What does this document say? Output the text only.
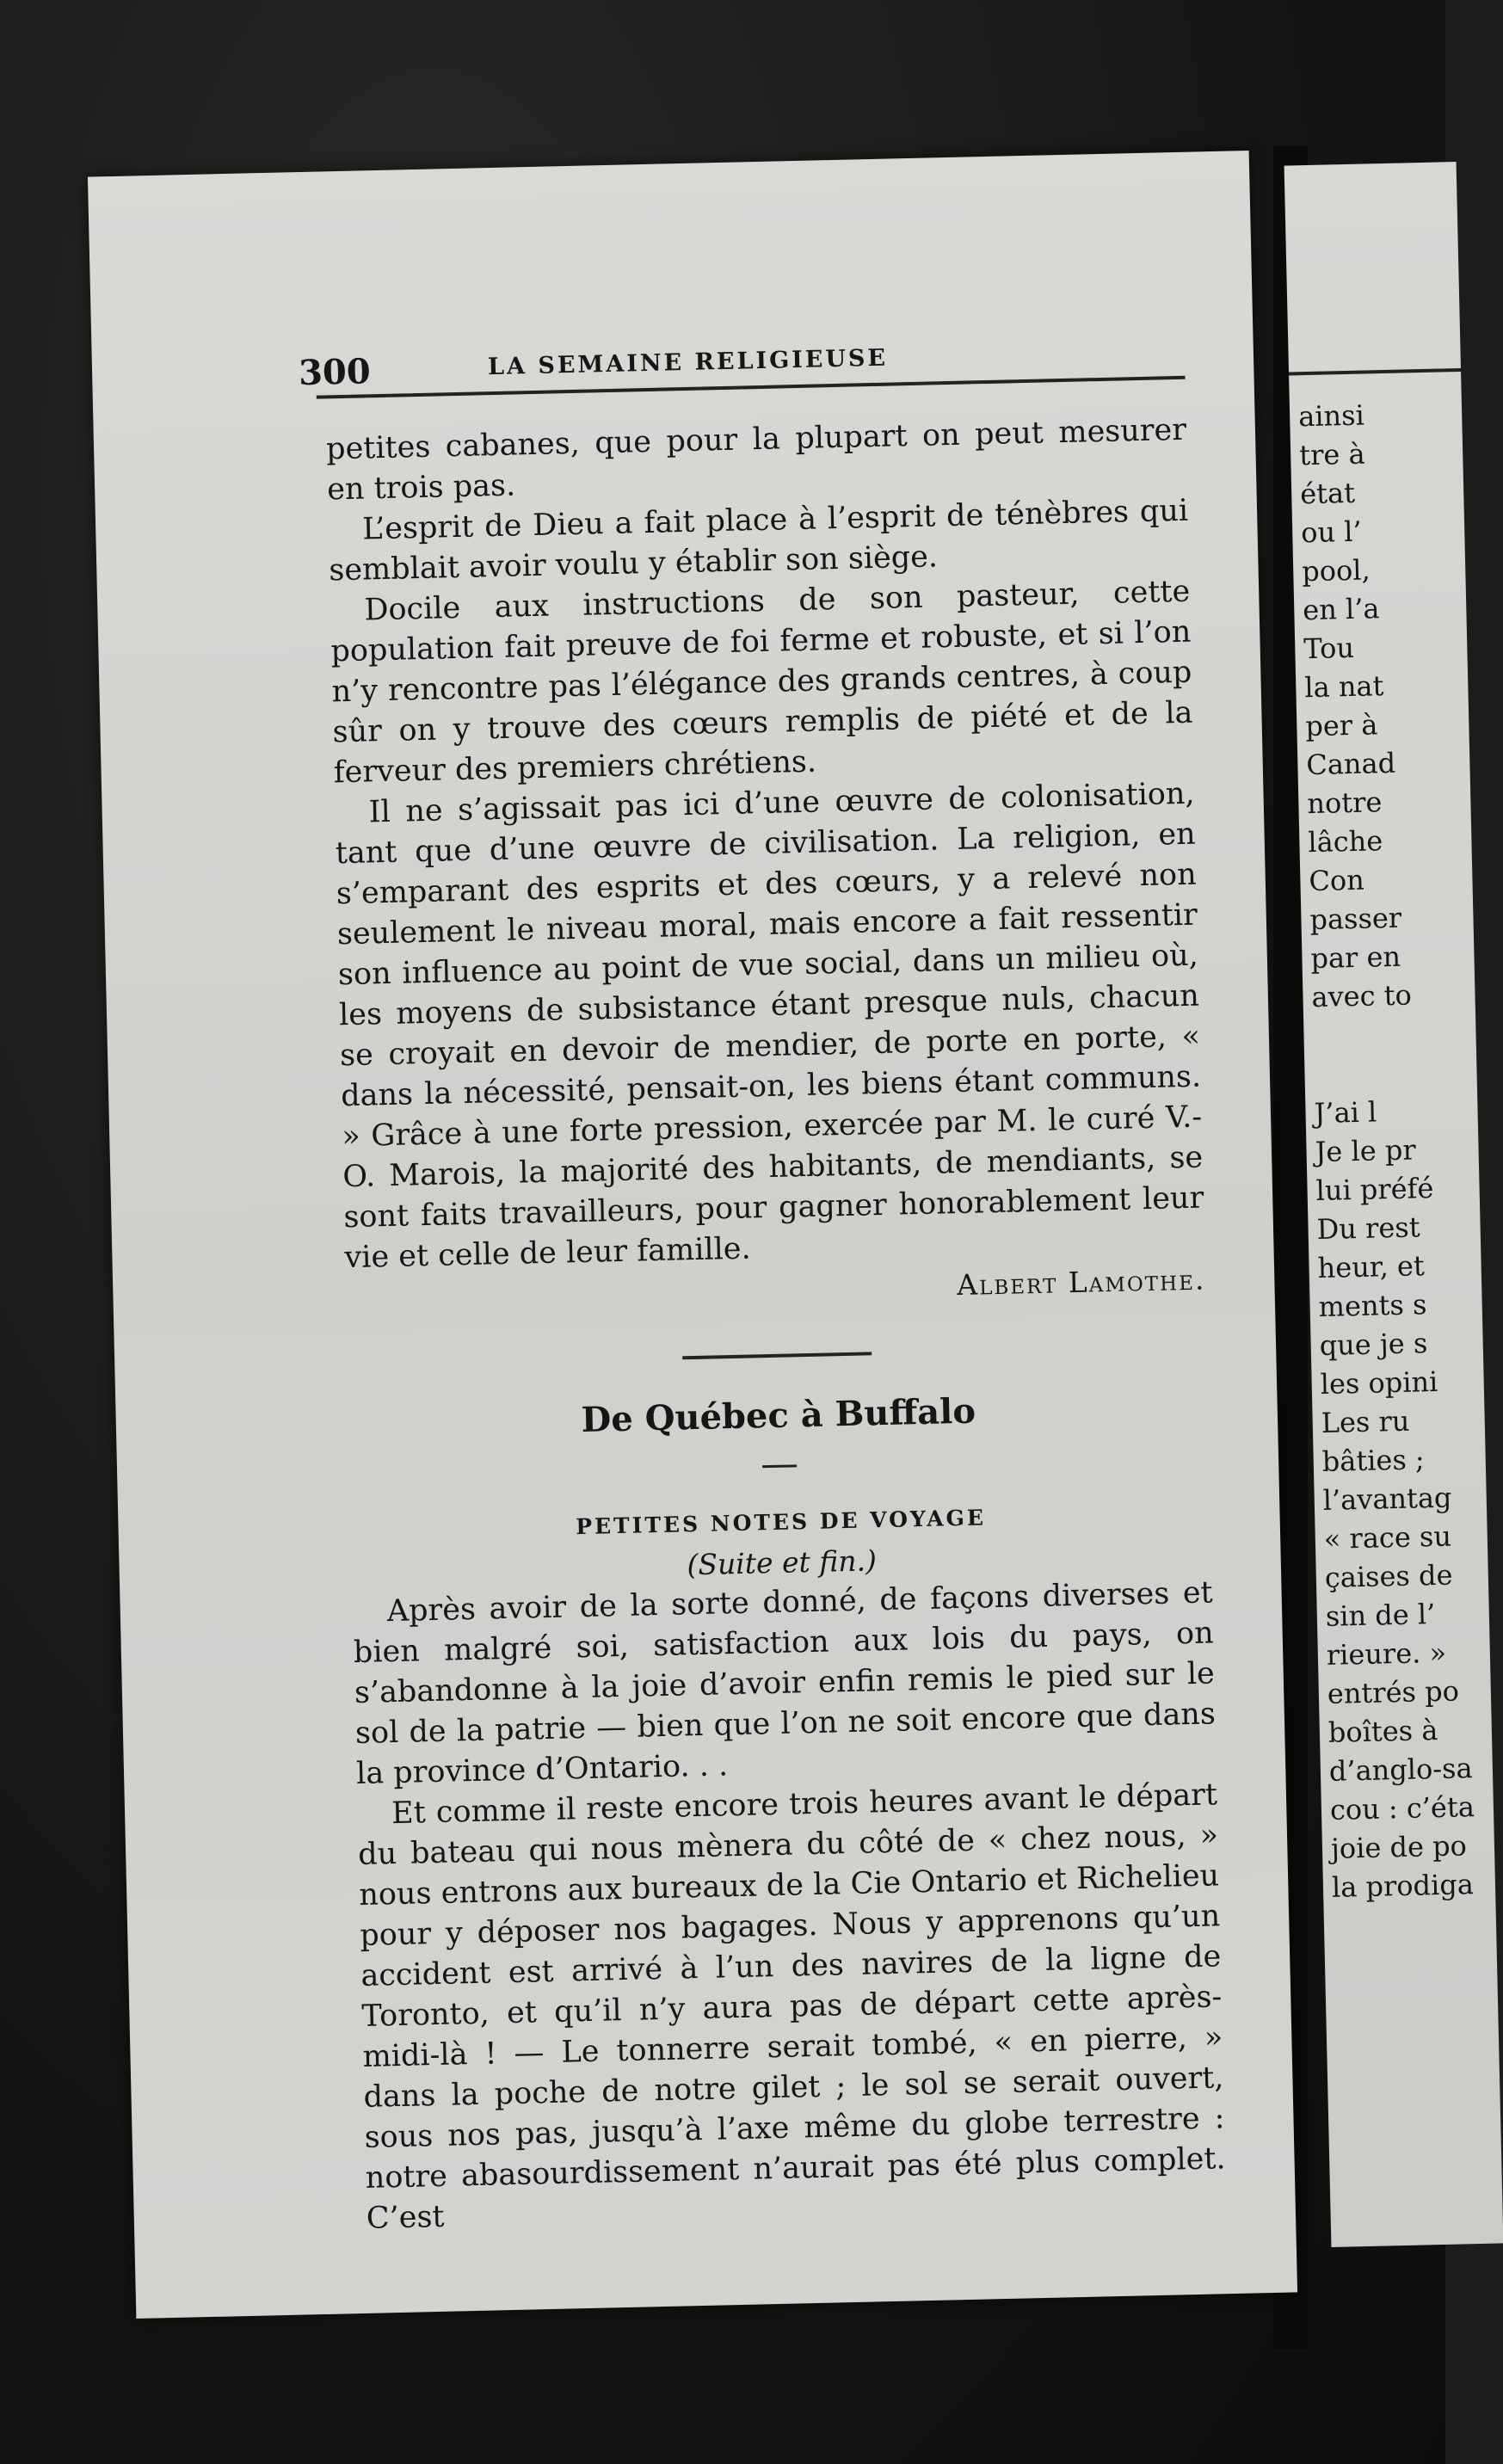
300	LA SEMAINE RELIGIEUSE

petites cabanes, que pour la plupart on peut mesurer en trois pas.

L’esprit de Dieu a fait place à l’esprit de ténèbres qui semblait avoir voulu y établir son siège.

Docile aux instructions de son pasteur, cette population fait preuve de foi ferme et robuste, et si l’on n’y rencontre pas l’élégance des grands centres, à coup sûr on y trouve des cœurs remplis de piété et de la ferveur des premiers chrétiens.

Il ne s’agissait pas ici d’une œuvre de colonisation, tant que d’une œuvre de civilisation. La religion, en s’emparant des esprits et des cœurs, y a relevé non seulement le niveau moral, mais encore a fait ressentir son influence au point de vue social, dans un milieu où, les moyens de subsistance étant presque nuls, chacun se croyait en devoir de mendier, de porte en porte, « dans la nécessité, pensait-on, les biens étant communs. » Grâce à une forte pression, exercée par M. le curé V.-O. Marois, la majorité des habitants, de mendiants, se sont faits travailleurs, pour gagner honorablement leur vie et celle de leur famille.

Albert Lamothe.

De Québec à Buffalo

PETITES NOTES DE VOYAGE

(Suite et fin.)

Après avoir de la sorte donné, de façons diverses et bien malgré soi, satisfaction aux lois du pays, on s’abandonne à la joie d’avoir enfin remis le pied sur le sol de la patrie — bien que l’on ne soit encore que dans la province d’Ontario. . .

Et comme il reste encore trois heures avant le départ du bateau qui nous mènera du côté de « chez nous, » nous entrons aux bureaux de la Cie Ontario et Richelieu pour y déposer nos bagages. Nous y apprenons qu’un accident est arrivé à l’un des navires de la ligne de Toronto, et qu’il n’y aura pas de départ cette après-midi-là ! — Le tonnerre serait tombé, « en pierre, » dans la poche de notre gilet ; le sol se serait ouvert, sous nos pas, jusqu’à l’axe même du globe terrestre : notre abasourdissement n’aurait pas été plus complet. C’est

ainsi
tre à
état
ou l’
pool,
en l’a
Tou
la nat
per à
Canad
notre
lâche
Con
passer
par en
avec to
J’ai l
Je le pr
lui préfé
Du rest
heur, et
ments s
que je s
les opini
Les ru
bâties ;
l’avantag
« race su
çaises de
sin de l’
rieure. »
entrés po
boîtes à
d’anglo-sa
cou : c’éta
joie de po
la prodiga
